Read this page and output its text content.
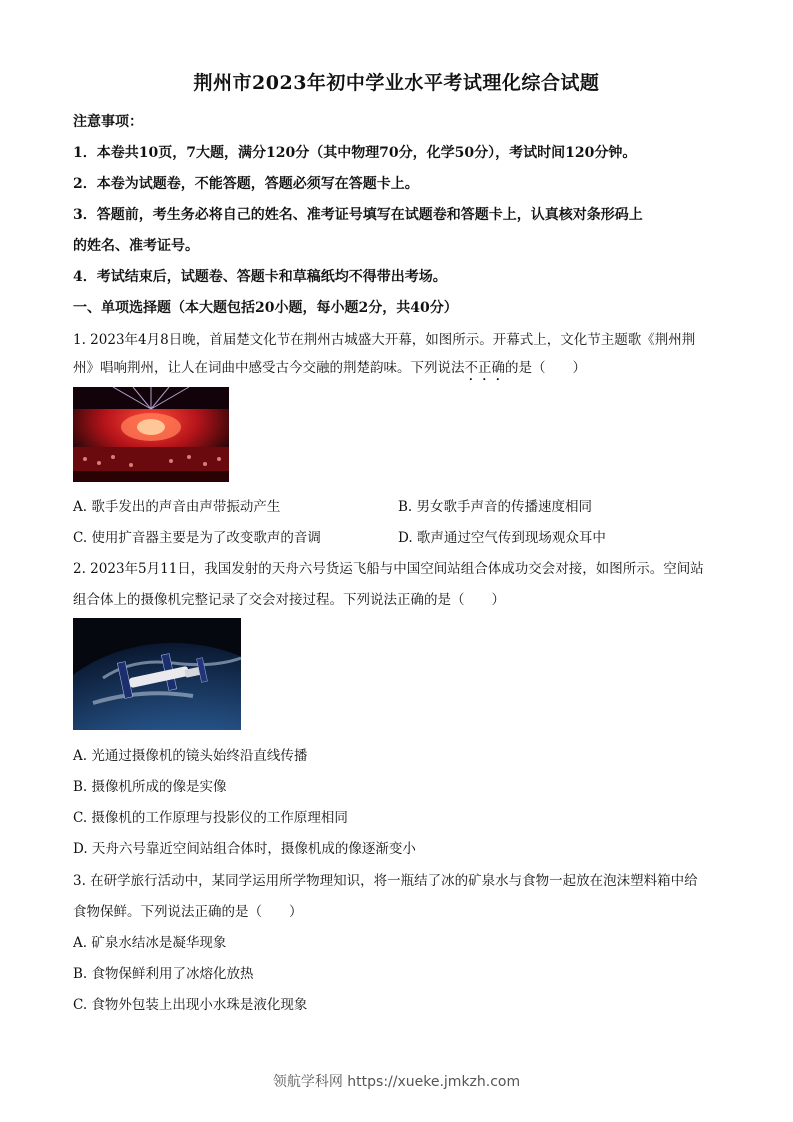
荆州市2023年初中学业水平考试理化综合试题
注意事项：
1．本卷共10页，7大题，满分120分（其中物理70分，化学50分），考试时间120分钟。
2．本卷为试题卷，不能答题，答题必须写在答题卡上。
3．答题前，考生务必将自己的姓名、准考证号填写在试题卷和答题卡上，认真核对条形码上
的姓名、准考证号。
4．考试结束后，试题卷、答题卡和草稿纸均不得带出考场。
一、单项选择题（本大题包括20小题，每小题2分，共40分）
1. 2023年4月8日晚，首届楚文化节在荆州古城盛大开幕，如图所示。开幕式上，文化节主题歌《荆州荆
州》唱响荆州，让人在词曲中感受古今交融的荆楚韵味。下列说法不正确的是（　　）
A. 歌手发出的声音由声带振动产生	B. 男女歌手声音的传播速度相同
C. 使用扩音器主要是为了改变歌声的音调	D. 歌声通过空气传到现场观众耳中
2. 2023年5月11日，我国发射的天舟六号货运飞船与中国空间站组合体成功交会对接，如图所示。空间站
组合体上的摄像机完整记录了交会对接过程。下列说法正确的是（　　）
A. 光通过摄像机的镜头始终沿直线传播
B. 摄像机所成的像是实像
C. 摄像机的工作原理与投影仪的工作原理相同
D. 天舟六号靠近空间站组合体时，摄像机成的像逐渐变小
3. 在研学旅行活动中，某同学运用所学物理知识，将一瓶结了冰的矿泉水与食物一起放在泡沫塑料箱中给
食物保鲜。下列说法正确的是（　　）
A. 矿泉水结冰是凝华现象
B. 食物保鲜利用了冰熔化放热
C. 食物外包装上出现小水珠是液化现象
领航学科网 https://xueke.jmkzh.com
